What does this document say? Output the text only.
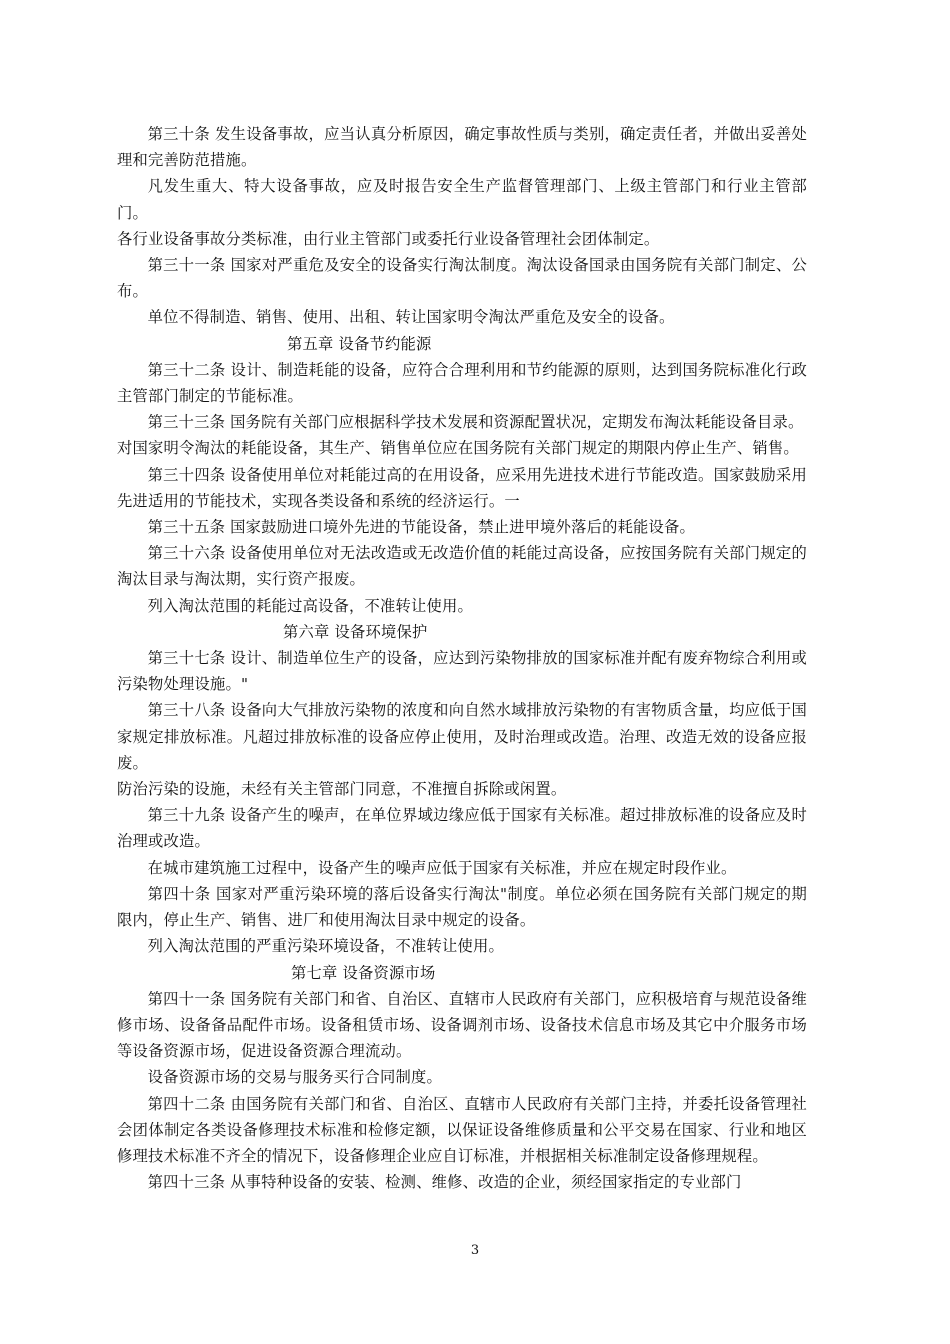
第三十条 发生设备事故，应当认真分析原因，确定事故性质与类别，确定责任者，并做出妥善处理和完善防范措施。

凡发生重大、特大设备事故，应及时报告安全生产监督管理部门、上级主管部门和行业主管部门。

各行业设备事故分类标准，由行业主管部门或委托行业设备管理社会团体制定。

第三十一条 国家对严重危及安全的设备实行淘汰制度。淘汰设备国录由国务院有关部门制定、公布。

单位不得制造、销售、使用、出租、转让国家明令淘汰严重危及安全的设备。

第五章 设备节约能源

第三十二条 设计、制造耗能的设备，应符合合理利用和节约能源的原则，达到国务院标准化行政主管部门制定的节能标准。

第三十三条 国务院有关部门应根据科学技术发展和资源配置状况，定期发布淘汰耗能设备目录。

对国家明令淘汰的耗能设备，其生产、销售单位应在国务院有关部门规定的期限内停止生产、销售。

第三十四条 设备使用单位对耗能过高的在用设备，应采用先进技术进行节能改造。国家鼓励采用先进适用的节能技术，实现各类设备和系统的经济运行。一

第三十五条 国家鼓励进口境外先进的节能设备，禁止进甲境外落后的耗能设备。

第三十六条 设备使用单位对无法改造或无改造价值的耗能过高设备，应按国务院有关部门规定的淘汰目录与淘汰期，实行资产报废。

列入淘汰范围的耗能过高设备，不准转让使用。

第六章 设备环境保护

第三十七条 设计、制造单位生产的设备，应达到污染物排放的国家标准并配有废弃物综合利用或污染物处理设施。"

第三十八条 设备向大气排放污染物的浓度和向自然水域排放污染物的有害物质含量，均应低于国家规定排放标准。凡超过排放标准的设备应停止使用，及时治理或改造。治理、改造无效的设备应报废。

防治污染的设施，未经有关主管部门同意，不准擅自拆除或闲置。

第三十九条 设备产生的噪声，在单位界域边缘应低于国家有关标准。超过排放标准的设备应及时治理或改造。

在城市建筑施工过程中，设备产生的噪声应低于国家有关标准，并应在规定时段作业。

第四十条 国家对严重污染环境的落后设备实行淘汰"制度。单位必须在国务院有关部门规定的期限内，停止生产、销售、进厂和使用淘汰目录中规定的设备。

列入淘汰范围的严重污染环境设备，不准转让使用。

第七章 设备资源市场

第四十一条 国务院有关部门和省、自治区、直辖市人民政府有关部门，应积极培育与规范设备维修市场、设备备品配件市场。设备租赁市场、设备调剂市场、设备技术信息市场及其它中介服务市场等设备资源市场，促进设备资源合理流动。

设备资源市场的交易与服务买行合同制度。

第四十二条 由国务院有关部门和省、自治区、直辖市人民政府有关部门主持，并委托设备管理社会团体制定各类设备修理技术标准和检修定额，以保证设备维修质量和公平交易在国家、行业和地区修理技术标准不齐全的情况下，设备修理企业应自订标准，并根据相关标准制定设备修理规程。

第四十三条 从事特种设备的安装、检测、维修、改造的企业，须经国家指定的专业部门

3
